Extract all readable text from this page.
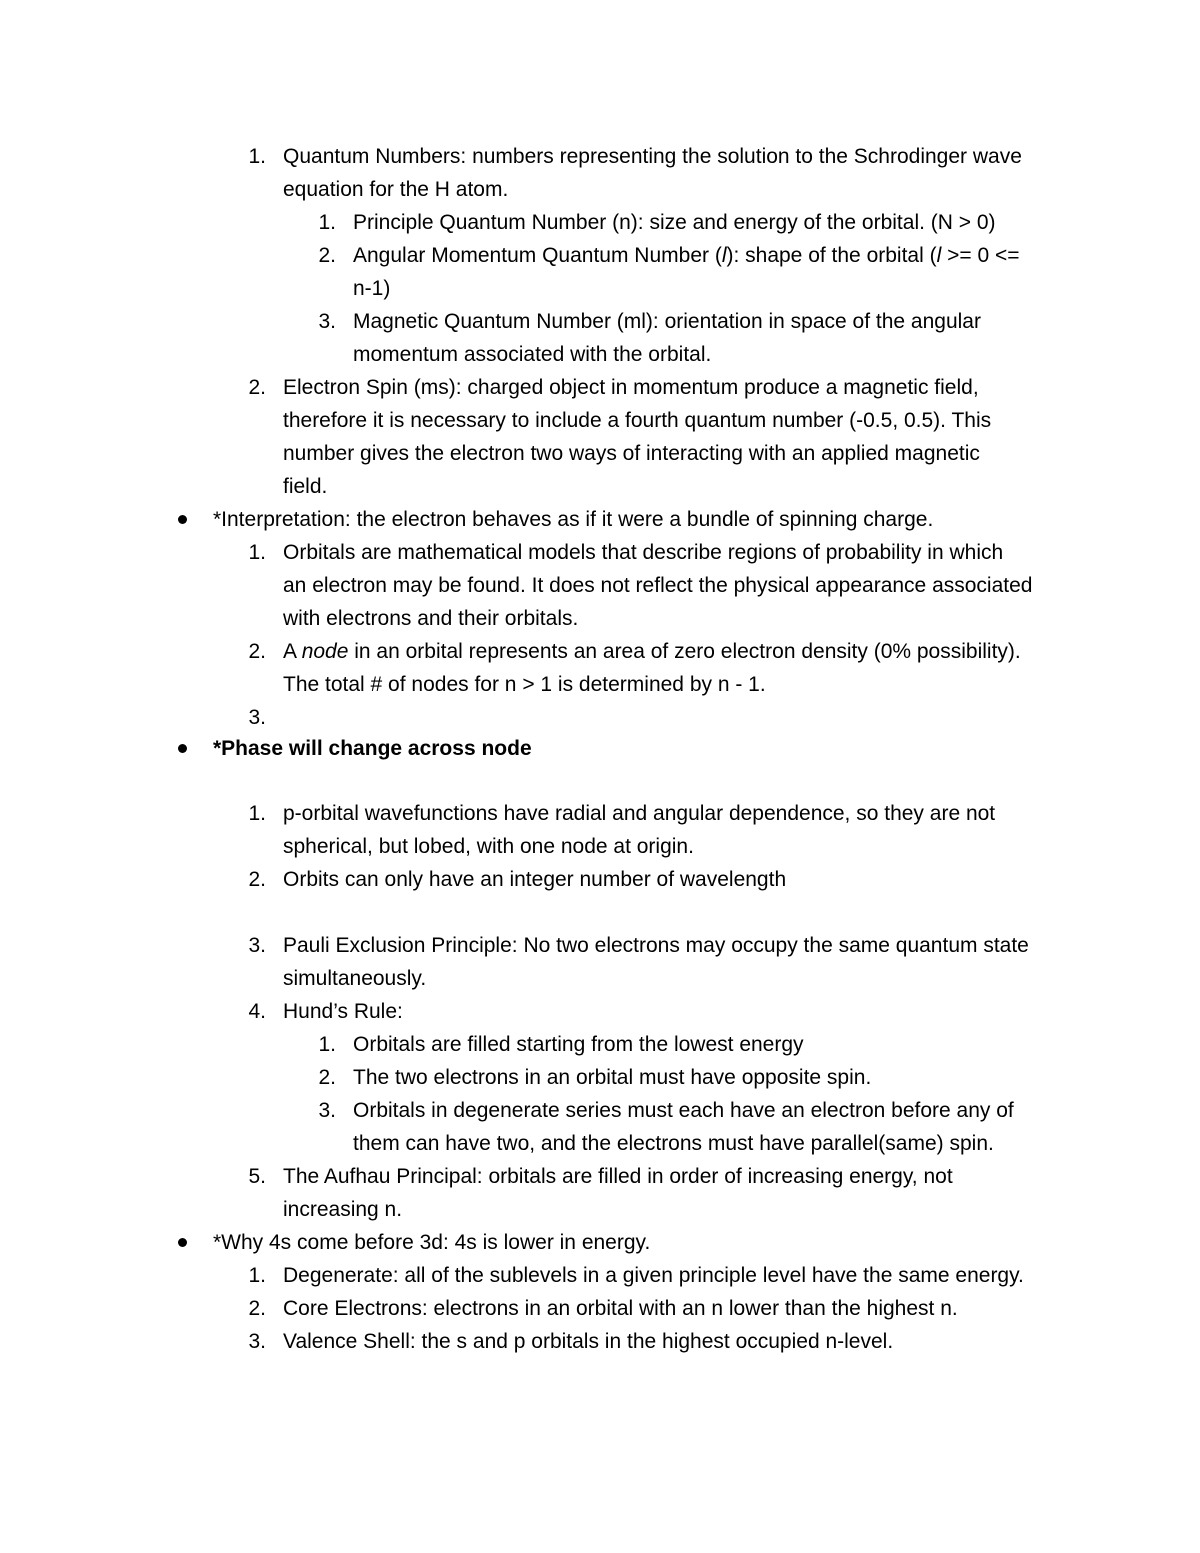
1. Quantum Numbers: numbers representing the solution to the Schrodinger wave
equation for the H atom.
1. Principle Quantum Number (n): size and energy of the orbital. (N > 0)
2. Angular Momentum Quantum Number (l): shape of the orbital (l >= 0 <=
n-1)
3. Magnetic Quantum Number (ml): orientation in space of the angular
momentum associated with the orbital.
2. Electron Spin (ms): charged object in momentum produce a magnetic field,
therefore it is necessary to include a fourth quantum number (-0.5, 0.5). This
number gives the electron two ways of interacting with an applied magnetic
field.
*Interpretation: the electron behaves as if it were a bundle of spinning charge.
1. Orbitals are mathematical models that describe regions of probability in which
an electron may be found. It does not reflect the physical appearance associated
with electrons and their orbitals.
2. A node in an orbital represents an area of zero electron density (0% possibility).
The total # of nodes for n > 1 is determined by n - 1.
3.
*Phase will change across node
1. p-orbital wavefunctions have radial and angular dependence, so they are not
spherical, but lobed, with one node at origin.
2. Orbits can only have an integer number of wavelength
3. Pauli Exclusion Principle: No two electrons may occupy the same quantum state
simultaneously.
4. Hund’s Rule:
1. Orbitals are filled starting from the lowest energy
2. The two electrons in an orbital must have opposite spin.
3. Orbitals in degenerate series must each have an electron before any of
them can have two, and the electrons must have parallel(same) spin.
5. The Aufhau Principal: orbitals are filled in order of increasing energy, not
increasing n.
*Why 4s come before 3d: 4s is lower in energy.
1. Degenerate: all of the sublevels in a given principle level have the same energy.
2. Core Electrons: electrons in an orbital with an n lower than the highest n.
3. Valence Shell: the s and p orbitals in the highest occupied n-level.
